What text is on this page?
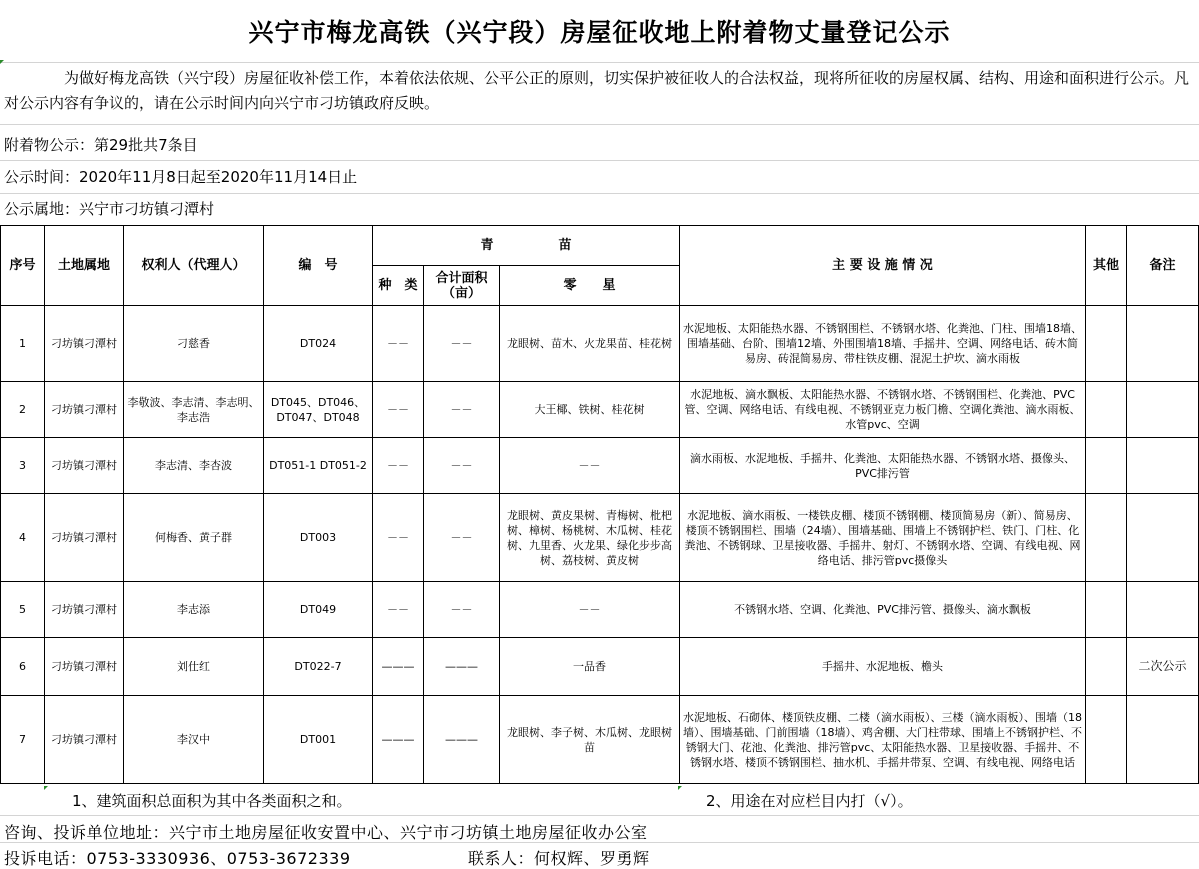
兴宁市梅龙高铁（兴宁段）房屋征收地上附着物丈量登记公示
为做好梅龙高铁（兴宁段）房屋征收补偿工作，本着依法依规、公平公正的原则，切实保护被征收人的合法权益，现将所征收的房屋权属、结构、用途和面积进行公示。凡对公示内容有争议的，请在公示时间内向兴宁市刁坊镇政府反映。
附着物公示：第29批共7条目
公示时间：2020年11月8日起至2020年11月14日止
公示属地：兴宁市刁坊镇刁潭村
序号	土地属地	权利人（代理人）	编　号	青　　　　　苗			主 要 设 施 情 况	其他	备注
				种　类	合计面积（亩）	零　　星			
1	刁坊镇刁潭村	刁慈香	DT024	－－	－－	龙眼树、苗木、火龙果苗、桂花树	水泥地板、太阳能热水器、不锈钢围栏、不锈钢水塔、化粪池、门柱、围墙18墙、围墙基础、台阶、围墙12墙、外围围墙18墙、手摇井、空调、网络电话、砖木简易房、砖混简易房、带柱铁皮棚、混泥土护坎、滴水雨板		
2	刁坊镇刁潭村	李敬波、李志清、李志明、李志浩	DT045、DT046、DT047、DT048	－－	－－	大王椰、铁树、桂花树	水泥地板、滴水飘板、太阳能热水器、不锈钢水塔、不锈钢围栏、化粪池、PVC管、空调、网络电话、有线电视、不锈钢亚克力板门檐、空调化粪池、滴水雨板、水管pvc、空调		
3	刁坊镇刁潭村	李志清、李杏波	DT051-1 DT051-2	－－	－－	－－	滴水雨板、水泥地板、手摇井、化粪池、太阳能热水器、不锈钢水塔、摄像头、PVC排污管		
4	刁坊镇刁潭村	何梅香、黄子群	DT003	－－	－－	龙眼树、黄皮果树、青梅树、枇杷树、樟树、杨桃树、木瓜树、桂花树、九里香、火龙果、绿化步步高树、荔枝树、黄皮树	水泥地板、滴水雨板、一楼铁皮棚、楼顶不锈钢棚、楼顶简易房（新）、简易房、楼顶不锈钢围栏、围墙（24墙）、围墙基础、围墙上不锈钢护栏、铁门、门柱、化粪池、不锈钢球、卫星接收器、手摇井、射灯、不锈钢水塔、空调、有线电视、网络电话、排污管pvc摄像头		
5	刁坊镇刁潭村	李志添	DT049	－－	－－	－－	不锈钢水塔、空调、化粪池、PVC排污管、摄像头、滴水飘板		
6	刁坊镇刁潭村	刘仕红	DT022-7	———	———	一品香	手摇井、水泥地板、檐头		二次公示
7	刁坊镇刁潭村	李汉中	DT001	———	———	龙眼树、李子树、木瓜树、龙眼树苗	水泥地板、石砌体、楼顶铁皮棚、二楼（滴水雨板）、三楼（滴水雨板）、围墙（18墙）、围墙基础、门前围墙（18墙）、鸡舍棚、大门柱带球、围墙上不锈钢护栏、不锈钢大门、花池、化粪池、排污管pvc、太阳能热水器、卫星接收器、手摇井、不锈钢水塔、楼顶不锈钢围栏、抽水机、手摇井带泵、空调、有线电视、网络电话		
1、建筑面积总面积为其中各类面积之和。	2、用途在对应栏目内打（√）。
咨询、投诉单位地址：兴宁市土地房屋征收安置中心、兴宁市刁坊镇土地房屋征收办公室
投诉电话：0753-3330936、0753-3672339	联系人：何权辉、罗勇辉
